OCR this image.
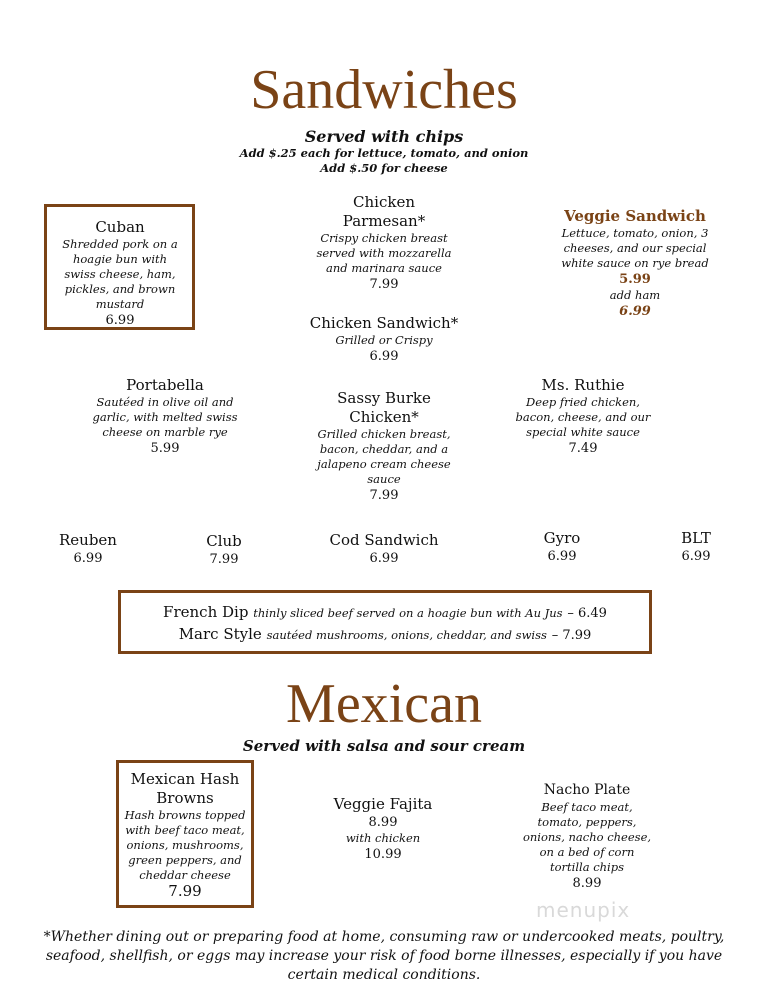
Sandwiches
Served with chips
Add $.25 each for lettuce, tomato, and onion
Add $.50 for cheese
Cuban
Shredded pork on a hoagie bun with swiss cheese, ham, pickles, and brown mustard
6.99
Chicken
Parmesan*
Crispy chicken breast served with mozzarella and marinara sauce
7.99
Veggie Sandwich
Lettuce, tomato, onion, 3 cheeses, and our special white sauce on rye bread
5.99
add ham
6.99
Chicken Sandwich*
Grilled or Crispy
6.99
Portabella
Sautéed in olive oil and garlic, with melted swiss cheese on marble rye
5.99
Sassy Burke
Chicken*
Grilled chicken breast, bacon, cheddar, and a jalapeno cream cheese sauce
7.99
Ms. Ruthie
Deep fried chicken, bacon, cheese, and our special white sauce
7.49
Reuben
6.99
Club
7.99
Cod Sandwich
6.99
Gyro
6.99
BLT
6.99
French Dip thinly sliced beef served on a hoagie bun with Au Jus – 6.49
Marc Style sautéed mushrooms, onions, cheddar, and swiss – 7.99
Mexican
Served with salsa and sour cream
Mexican Hash
Browns
Hash browns topped with beef taco meat, onions, mushrooms, green peppers, and cheddar cheese
7.99
Veggie Fajita
8.99
with chicken
10.99
Nacho Plate
Beef taco meat, tomato, peppers, onions, nacho cheese, on a bed of corn tortilla chips
8.99
menupix
*Whether dining out or preparing food at home, consuming raw or undercooked meats, poultry, seafood, shellfish, or eggs may increase your risk of food borne illnesses, especially if you have certain medical conditions.
